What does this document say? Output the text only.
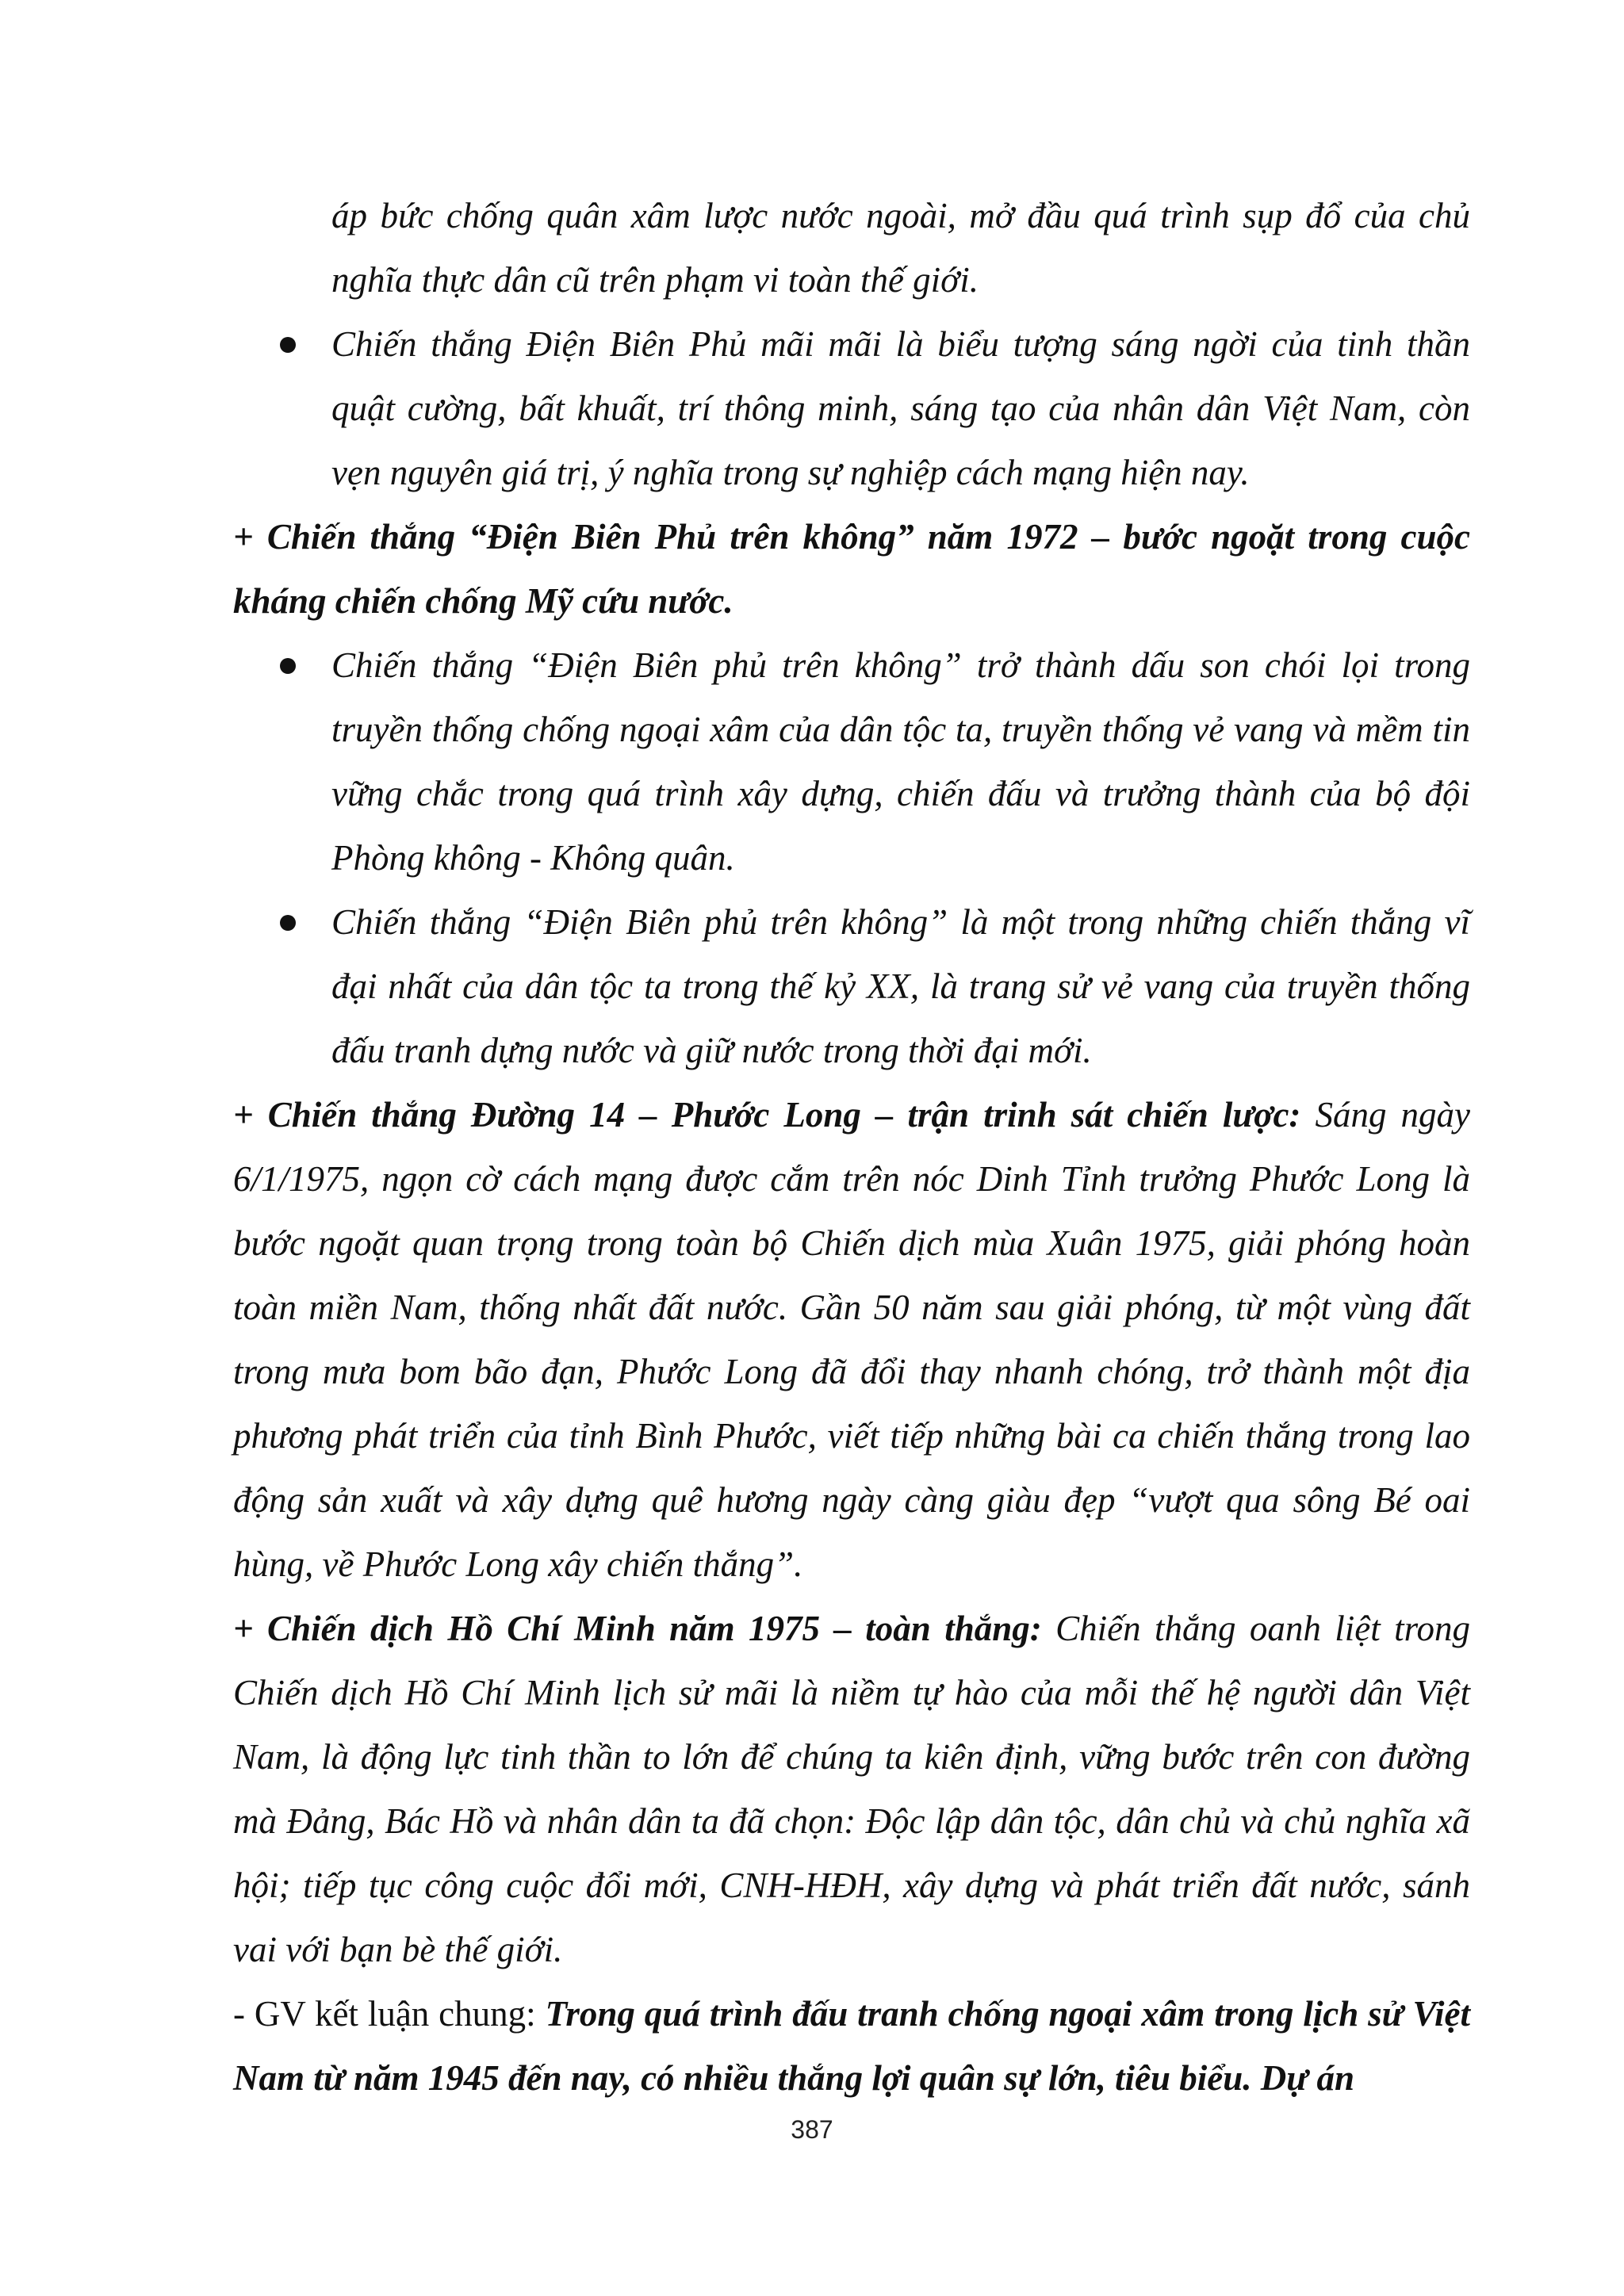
áp bức chống quân xâm lược nước ngoài, mở đầu quá trình sụp đổ của chủ nghĩa thực dân cũ trên phạm vi toàn thế giới.

Chiến thắng Điện Biên Phủ mãi mãi là biểu tượng sáng ngời của tinh thần quật cường, bất khuất, trí thông minh, sáng tạo của nhân dân Việt Nam, còn vẹn nguyên giá trị, ý nghĩa trong sự nghiệp cách mạng hiện nay.

+ Chiến thắng “Điện Biên Phủ trên không” năm 1972 – bước ngoặt trong cuộc kháng chiến chống Mỹ cứu nước.

Chiến thắng “Điện Biên phủ trên không” trở thành dấu son chói lọi trong truyền thống chống ngoại xâm của dân tộc ta, truyền thống vẻ vang và mềm tin vững chắc trong quá trình xây dựng, chiến đấu và trưởng thành của bộ đội Phòng không - Không quân.
Chiến thắng “Điện Biên phủ trên không” là một trong những chiến thắng vĩ đại nhất của dân tộc ta trong thế kỷ XX, là trang sử vẻ vang của truyền thống đấu tranh dựng nước và giữ nước trong thời đại mới.

+ Chiến thắng Đường 14 – Phước Long – trận trinh sát chiến lược: Sáng ngày 6/1/1975, ngọn cờ cách mạng được cắm trên nóc Dinh Tỉnh trưởng Phước Long là bước ngoặt quan trọng trong toàn bộ Chiến dịch mùa Xuân 1975, giải phóng hoàn toàn miền Nam, thống nhất đất nước. Gần 50 năm sau giải phóng, từ một vùng đất trong mưa bom bão đạn, Phước Long đã đổi thay nhanh chóng, trở thành một địa phương phát triển của tỉnh Bình Phước, viết tiếp những bài ca chiến thắng trong lao động sản xuất và xây dựng quê hương ngày càng giàu đẹp “vượt qua sông Bé oai hùng, về Phước Long xây chiến thắng”.

+ Chiến dịch Hồ Chí Minh năm 1975 – toàn thắng: Chiến thắng oanh liệt trong Chiến dịch Hồ Chí Minh lịch sử mãi là niềm tự hào của mỗi thế hệ người dân Việt Nam, là động lực tinh thần to lớn để chúng ta kiên định, vững bước trên con đường mà Đảng, Bác Hồ và nhân dân ta đã chọn: Độc lập dân tộc, dân chủ và chủ nghĩa xã hội; tiếp tục công cuộc đổi mới, CNH-HĐH, xây dựng và phát triển đất nước, sánh vai với bạn bè thế giới.

- GV kết luận chung: Trong quá trình đấu tranh chống ngoại xâm trong lịch sử Việt Nam từ năm 1945 đến nay, có nhiều thắng lợi quân sự lớn, tiêu biểu. Dự án

387
